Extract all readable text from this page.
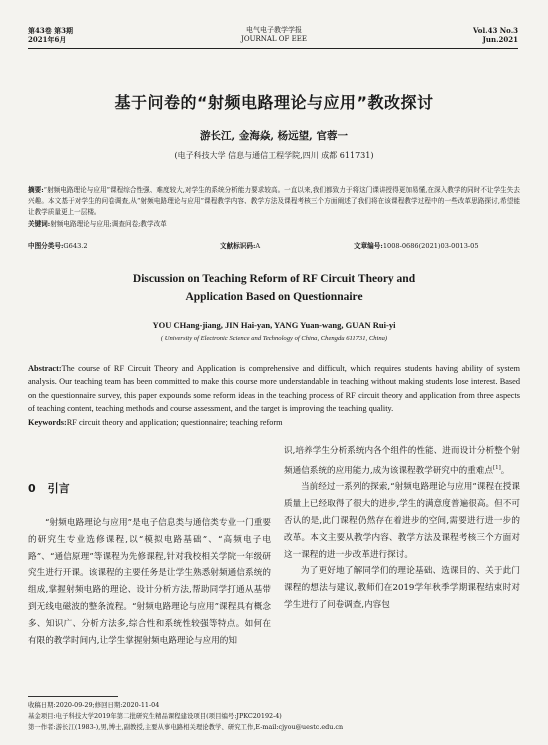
第43卷 第3期
2021年6月
电气电子教学学报
JOURNAL OF EEE
Vol.43 No.3
Jun.2021
基于问卷的“射频电路理论与应用”教改探讨
游长江, 金海焱, 杨远望, 官蓉一
(电子科技大学 信息与通信工程学院,四川 成都 611731)
摘要:“射频电路理论与应用”课程综合性强、难度较大,对学生的系统分析能力要求较高。一直以来,我们都致力于将这门课讲授得更加易懂,在深入教学的同时不让学生失去兴趣。本文基于对学生的问卷调查,从“射频电路理论与应用”课程教学内容、教学方法及课程考核三个方面阐述了我们将在该课程教学过程中的一些改革思路探讨,希望能让教学质量更上一层楼。
关键词:射频电路理论与应用;调查问卷;教学改革
中图分类号:G643.2	文献标识码:A	文章编号:1008-0686(2021)03-0013-05
Discussion on Teaching Reform of RF Circuit Theory and
Application Based on Questionnaire
YOU CHang-jiang, JIN Hai-yan, YANG Yuan-wang, GUAN Rui-yi
( University of Electronic Science and Technology of China, Chengdu 611731, China)
Abstract:The course of RF Circuit Theory and Application is comprehensive and difficult, which requires students having ability of system analysis. Our teaching team has been committed to make this course more understandable in teaching without making students lose interest. Based on the questionnaire survey, this paper expounds some reform ideas in the teaching process of RF circuit theory and application from three aspects of teaching content, teaching methods and course assessment, and the target is improving the teaching quality.
Keywords:RF circuit theory and application; questionnaire; teaching reform
0 引言
“射频电路理论与应用”是电子信息类与通信类专业一门重要的研究生专业选修课程,以“模拟电路基础”、“高频电子电路”、“通信原理”等课程为先修课程,针对我校相关学院一年级研究生进行开课。该课程的主要任务是让学生熟悉射频通信系统的组成,掌握射频电路的理论、设计分析方法,帮助同学打通从基带到无线电磁波的整条流程。“射频电路理论与应用”课程具有概念多、知识广、分析方法多,综合性和系统性较强等特点。如何在有限的教学时间内,让学生掌握射频电路理论与应用的知
识,培养学生分析系统内各个组件的性能、进而设计分析整个射频通信系统的应用能力,成为该课程教学研究中的重难点[1]。
当前经过一系列的探索,“射频电路理论与应用”课程在授课质量上已经取得了很大的进步,学生的满意度普遍很高。但不可否认的是,此门课程仍然存在着进步的空间,需要进行进一步的改革。本文主要从教学内容、教学方法及课程考核三个方面对这一课程的进一步改革进行探讨。
为了更好地了解同学们的理论基础、选课目的、关于此门课程的想法与建议,教师们在2019学年秋季学期课程结束时对学生进行了问卷调查,内容包
收稿日期:2020-09-29;修回日期:2020-11-04
基金项目:电子科技大学2019年第二批研究生精品课程建设项目(项目编号:JPKC20192-4)
第一作者:游长江(1983-),男,博士,副教授,主要从事电路相关理论教学、研究工作,E-mail:cjyou@uestc.edu.cn
